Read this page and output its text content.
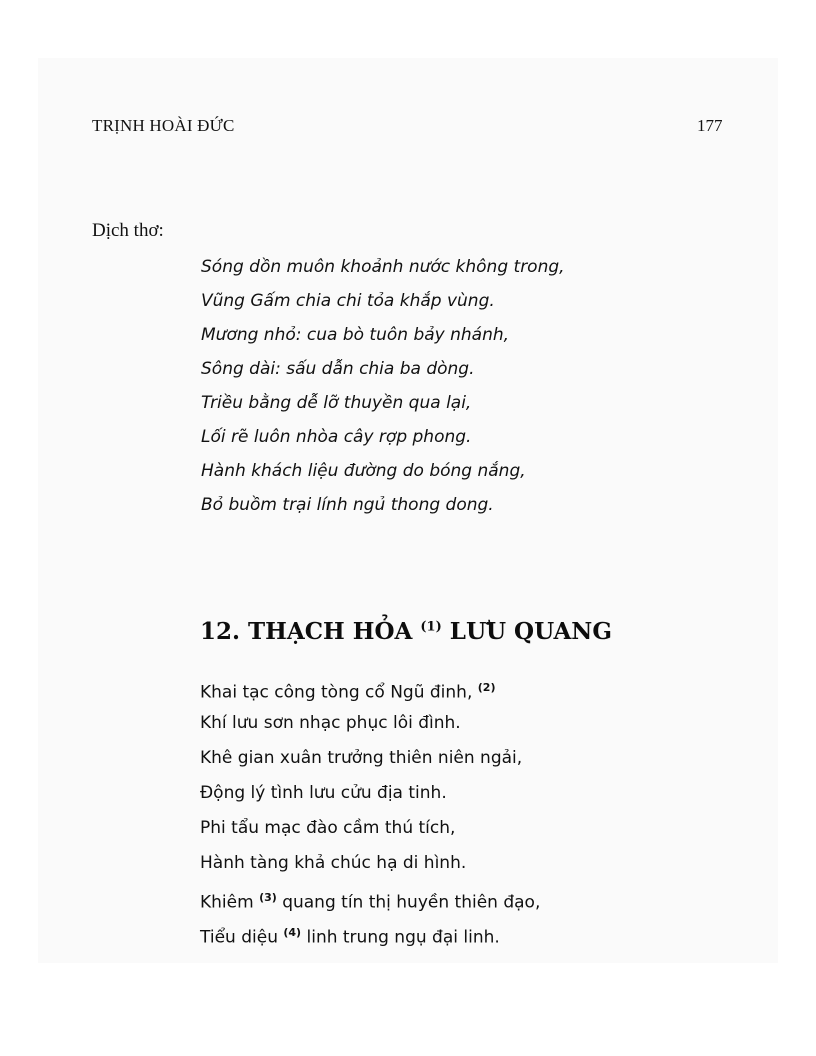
TRỊNH HOÀI ĐỨC	177
Dịch thơ:
Sóng dồn muôn khoảnh nước không trong,
Vũng Gấm chia chi tỏa khắp vùng.
Mương nhỏ: cua bò tuôn bảy nhánh,
Sông dài: sấu dẫn chia ba dòng.
Triều bằng dễ lỡ thuyền qua lại,
Lối rẽ luôn nhòa cây rợp phong.
Hành khách liệu đường do bóng nắng,
Bỏ buồm trại lính ngủ thong dong.
12. THẠCH HỎA $^{(1)}$ LƯU QUANG
Khai tạc công tòng cổ Ngũ đinh, $^{(2)}$
Khí lưu sơn nhạc phục lôi đình.
Khê gian xuân trưởng thiên niên ngải,
Động lý tình lưu cửu địa tinh.
Phi tẩu mạc đào cầm thú tích,
Hành tàng khả chúc hạ di hình.
Khiêm $^{(3)}$ quang tín thị huyền thiên đạo,
Tiểu diệu $^{(4)}$ linh trung ngụ đại linh.
